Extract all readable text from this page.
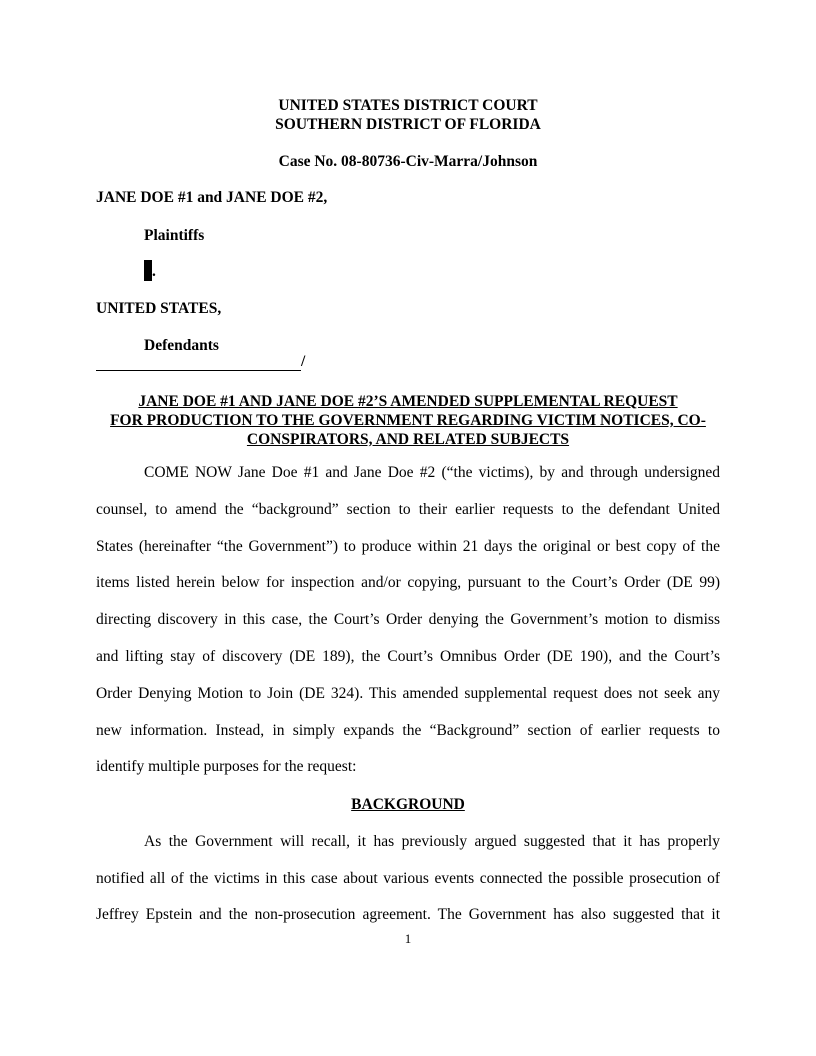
UNITED STATES DISTRICT COURT

SOUTHERN DISTRICT OF FLORIDA

Case No. 08-80736-Civ-Marra/Johnson

JANE DOE #1 and JANE DOE #2,

Plaintiffs

.

UNITED STATES,

Defendants

/
JANE DOE #1 AND JANE DOE #2’S AMENDED SUPPLEMENTAL REQUEST
FOR PRODUCTION TO THE GOVERNMENT REGARDING VICTIM NOTICES, CO-
CONSPIRATORS, AND RELATED SUBJECTS

COME NOW Jane Doe #1 and Jane Doe #2 (“the victims), by and through undersigned

counsel, to amend the “background” section to their earlier requests to the defendant United

States (hereinafter “the Government”) to produce within 21 days the original or best copy of the

items listed herein below for inspection and/or copying, pursuant to the Court’s Order (DE 99)

directing discovery in this case, the Court’s Order denying the Government’s motion to dismiss

and lifting stay of discovery (DE 189), the Court’s Omnibus Order (DE 190), and the Court’s

Order Denying Motion to Join (DE 324). This amended supplemental request does not seek any

new information. Instead, in simply expands the “Background” section of earlier requests to

identify multiple purposes for the request:

BACKGROUND

As the Government will recall, it has previously argued suggested that it has properly

notified all of the victims in this case about various events connected the possible prosecution of

Jeffrey Epstein and the non-prosecution agreement. The Government has also suggested that it

1
